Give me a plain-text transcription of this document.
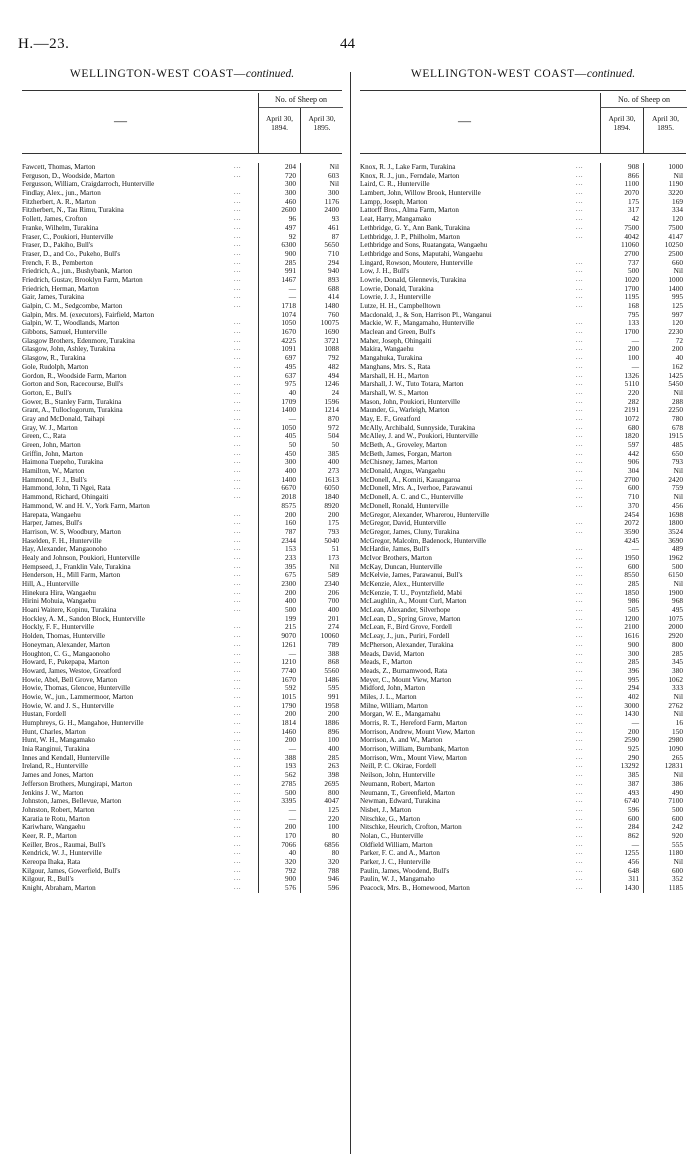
H.—23.	44
WELLINGTON-WEST COAST—continued.
—
No. of Sheep on
April 30, 1894.
April 30, 1895.
Fawcett, Thomas, Marton	...	204	Nil
Ferguson, D., Woodside, Marton	...	720	603
Fergusson, William, Craigdarroch, Hunterville	300	Nil
Findlay, Alex., jun., Marton	...	300	300
Fitzherbert, A. R., Marton	...	460	1176
Fitzherbert, N., Tau Rimu, Turakina	...	2600	2400
Follett, James, Crofton	...	96	93
Franke, Wilhelm, Turakina	...	497	461
Fraser, C., Poukiori, Hunterville	...	92	87
Fraser, D., Pakiho, Bull's	...	6300	5650
Fraser, D., and Co., Pukeho, Bull's	...	900	710
French, F. B., Pemberton	...	285	294
Friedrich, A., jun., Bushybank, Marton	...	991	940
Friedrich, Gustav, Brooklyn Farm, Marton	...	1467	893
Friedrich, Herman, Marton	...	—	688
Gair, James, Turakina	...	—	414
Galpin, C. M., Sedgcombe, Marton	...	1718	1480
Galpin, Mrs. M. (executors), Fairfield, Marton	1074	760
Galpin, W. T., Woodlands, Marton	...	1050	10075
Gibbons, Samuel, Hunterville	...	1670	1690
Glasgow Brothers, Edenmore, Turakina	...	4225	3721
Glasgow, John, Ashley, Turakina	...	1091	1088
Glasgow, R., Turakina	...	697	792
Gole, Rudolph, Marton	...	495	482
Gordon, R., Woodside Farm, Marton	...	637	494
Gorton and Son, Racecourse, Bull's	...	975	1246
Gorton, E., Bull's	...	40	24
Gower, B., Stanley Farm, Turakina	...	1709	1596
Grant, A., Tulloclogorum, Turakina	...	1400	1214
Gray and McDonald, Taihapi	...	—	870
Gray, W. J., Marton	...	1050	972
Green, C., Rata	...	405	504
Green, John, Marton	...	50	50
Griffin, John, Marton	...	450	385
Haimona Tuepeho, Turakina	...	300	400
Hamilton, W., Marton	...	400	273
Hammond, F. J., Bull's	...	1400	1613
Hammond, John, Ti Ngei, Rata	...	6670	6050
Hammond, Richard, Ohingaiti	...	2018	1840
Hammond, W. and H. V., York Farm, Marton	8575	8920
Harepata, Wangaehu	...	200	200
Harper, James, Bull's	...	160	175
Harrison, W. S, Woodbury, Marton	...	787	793
Haselden, F. H., Hunterville	...	2344	5040
Hay, Alexander, Mangaonoho	...	153	51
Healy and Johnson, Poukiori, Hunterville	...	233	173
Hempseed, J., Franklin Vale, Turakina	...	395	Nil
Henderson, H., Mill Farm, Marton	...	675	589
Hill, A., Hunterville	...	2300	2340
Hinekura Hira, Wangaehu	...	200	206
Hirini Mohuia, Wangaehu	...	400	700
Hoani Waitere, Kopinu, Turakina	...	500	400
Hockley, A. M., Sandon Block, Hunterville	199	201
Hockly, F. F., Hunterville	...	215	274
Holden, Thomas, Hunterville	...	9070	10060
Honeyman, Alexander, Marton	...	1261	789
Houghton, C. G., Mangaonoho	...	—	388
Howard, F., Pukepapa, Marton	...	1210	868
Howard, James, Westoe, Greatford	...	7740	5560
Howie, Abel, Bell Grove, Marton	...	1670	1486
Howie, Thomas, Glencoe, Hunterville	...	592	595
Howie, W., jun., Lammermoor, Marton	...	1015	991
Howie, W. and J. S., Hunterville	...	1790	1958
Hustan, Fordell	...	200	200
Humphreys, G. H., Mangahoe, Hunterville	...	1814	1886
Hunt, Charles, Marton	...	1460	896
Hunt, W. H., Mangamako	...	200	100
Inia Ranginui, Turakina	...	—	400
Innes and Kendall, Hunterville	...	388	285
Ireland, R., Hunterville	...	193	263
James and Jones, Marton	...	562	398
Jefferson Brothers, Mungirapi, Marton	...	2785	2695
Jenkins J. W., Marton	...	500	800
Johnston, James, Bellevue, Marton	...	3395	4047
Johnston, Robert, Marton	...	—	125
Karatia te Rotu, Marton	...	—	220
Kariwhare, Wangaehu	...	200	100
Keer, R. P., Marton	...	170	80
Keiller, Bros., Raumai, Bull's	...	7066	6856
Kendrick, W. J., Hunterville	...	40	80
Kereopa Ihaka, Rata	...	320	320
Kilgour, James, Gowerfield, Bull's	...	792	788
Kilgour, R., Bull's	...	900	946
Knight, Abraham, Marton	...	576	596
WELLINGTON-WEST COAST—continued.
—
No. of Sheep on
April 30, 1894.
April 30, 1895.
Knox, R. J., Lake Farm, Turakina	...	908	1000
Knox, R. J., jun., Ferndale, Marton	...	866	Nil
Laird, C. R., Hunterville	...	1100	1190
Lambert, John, Willow Brook, Hunterville	...	2070	3220
Lampp, Joseph, Marton	...	175	169
Lattorff Bros., Alma Farm, Marton	...	317	334
Leat, Harry, Mangamako	...	42	120
Lethbridge, G. Y., Ann Bank, Turakina	...	7500	7500
Lethbridge, J. P., Philholm, Marton	...	4042	4147
Lethbridge and Sons, Ruatangata, Wangaehu	11060	10250
Lethbridge and Sons, Maputahi, Wangaehu	2700	2500
Lingard, Rowson, Moutere, Hunterville	...	737	660
Low, J. H., Bull's	...	500	Nil
Lowrie, Donald, Glennevis, Turakina	...	1020	1000
Lowrie, Donald, Turakina	...	1700	1400
Lowrie, J. J., Hunterville	...	1195	995
Lutze, H. H., Campbelltown	...	168	125
Macdonald, J., & Son, Harrison Pl., Wanganui	795	997
Mackie, W. F., Mangamaho, Hunterville	...	133	120
Maclean and Green, Bull's	...	1700	2230
Maher, Joseph, Ohingaiti	...	—	72
Makira, Wangaehu	...	200	200
Mangahuka, Turakina	...	100	40
Manghans, Mrs. S., Rata	...	—	162
Marshall, H. H., Marton	...	1326	1425
Marshall, J. W., Tuto Totara, Marton	...	5110	5450
Marshall, W. S., Marton	...	220	Nil
Mason, John, Poukiori, Hunterville	...	282	288
Maunder, G., Warleigh, Marton	...	2191	2250
May, E. F., Greatford	...	1072	780
McAlly, Archibald, Sunnyside, Turakina	...	680	678
McAlley, J. and W., Poukiori, Hunterville	...	1820	1915
McBeth, A., Groveley, Marton	...	597	485
McBeth, James, Forgan, Marton	...	442	650
McChisney, James, Marton	...	906	793
McDonald, Angus, Wangaehu	...	304	Nil
McDonell, A., Komiti, Kauangaroa	...	2700	2420
McDonell, Mrs. A., Iverhoe, Parawanui	...	600	759
McDonell, A. C. and C., Hunterville	...	710	Nil
McDonell, Ronald, Hunterville	...	370	456
McGregor, Alexander, Wharerou, Hunterville	2454	1698
McGregor, David, Hunterville	...	2072	1800
McGregor, James, Cluny, Turakina	...	3590	3524
McGregor, Malcolm, Badenock, Hunterville	4245	3690
McHardie, James, Bull's	...	—	489
McIvor Brothers, Marton	...	1950	1962
McKay, Duncan, Hunterville	...	600	500
McKelvie, James, Parawanui, Bull's	...	8550	6150
McKenzie, Alex., Hunterville	...	285	Nil
McKenzie, T. U., Poyntzfield, Mabi	...	1850	1900
McLaughlin, A., Mount Curl, Marton	...	986	968
McLean, Alexander, Silverhope	...	505	495
McLean, D., Spring Grove, Marton	...	1200	1075
McLean, F., Bird Grove, Fordell	...	2100	2000
McLeay, J., jun., Puriri, Fordell	...	1616	2920
McPherson, Alexander, Turakina	...	900	800
Meads, David, Marton	...	300	285
Meads, F., Marton	...	285	345
Meads, Z., Burnamwood, Rata	...	396	380
Meyer, C., Mount View, Marton	...	995	1062
Midford, John, Marton	...	294	333
Miles, J. L., Marton	...	402	Nil
Milne, William, Marton	...	3000	2762
Morgan, W. E., Mangamahu	...	1430	Nil
Morris, R. T., Hereford Farm, Marton	...	—	16
Morrison, Andrew, Mount View, Marton	...	200	150
Morrison, A. and W., Marton	...	2590	2980
Morrison, William, Burnbank, Marton	...	925	1090
Morrison, Wm., Mount View, Marton	...	290	265
Neill, P. C. Okirae, Fordell	...	13292	12831
Neilson, John, Hunterville	...	385	Nil
Neumann, Robert, Marton	...	387	386
Neumann, T., Greenfield, Marton	...	493	490
Newman, Edward, Turakina	...	6740	7100
Nisbet, J., Marton	...	596	500
Nitschke, G., Marton	...	600	600
Nitschke, Heurich, Crofton, Marton	...	284	242
Nolan, C., Hunterville	...	862	920
Oldfield William, Marton	...	—	555
Parker, F. C. and A., Marton	...	1255	1180
Parker, J. C., Hunterville	...	456	Nil
Paulin, James, Woodend, Bull's	...	648	600
Paulin, W. J., Mangamaho	...	311	352
Peacock, Mrs. B., Homewood, Marton	...	1430	1185
